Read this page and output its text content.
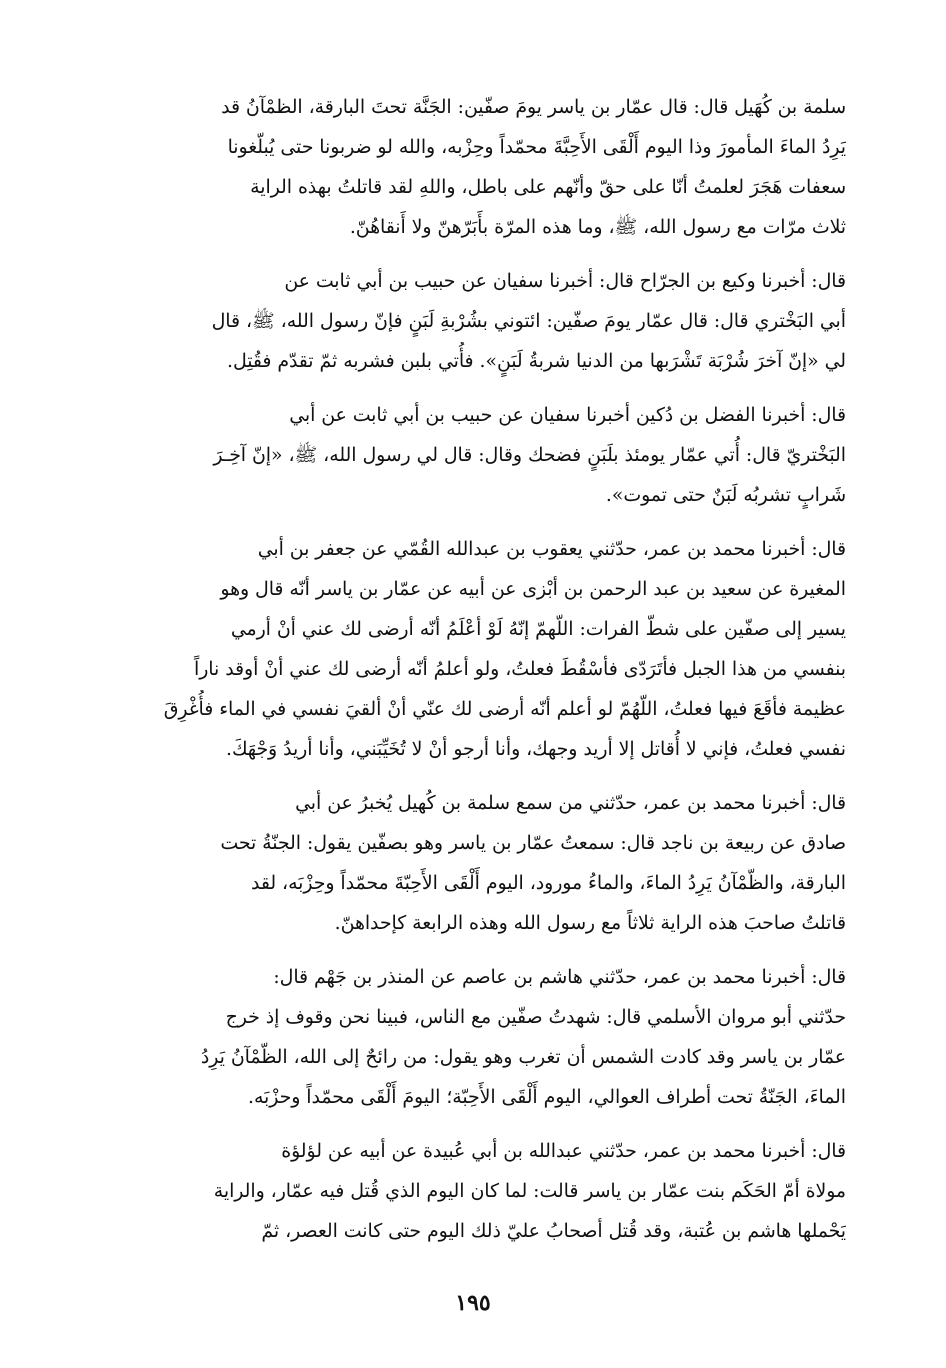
سلمة بن كُهَيل قال: قال عمّار بن ياسر يومَ صفّين: الجَنَّة تحتَ البارقة، الظمْآنُ قد
يَرِدُ الماءَ المأمورَ وذا اليوم أَلْقَى الأَحِبَّةَ محمّداً وحِزْبه، والله لو ضربونا حتى يُبلّغونا
سعفات هَجَرَ لعلمتُ أنّا على حقّ وأنّهم على باطل، واللهِ لقد قاتلتُ بهذه الراية
ثلاث مرّات مع رسول الله، ﷺ، وما هذه المرّة بأَبَرّهنّ ولا أَنقاهُنّ.
قال: أخبرنا وكيع بن الجرّاح قال: أخبرنا سفيان عن حبيب بن أبي ثابت عن
أبي البَخْتري قال: قال عمّار يومَ صفّين: ائتوني بشُرْبةِ لَبَنٍ فإنّ رسول الله، ﷺ، قال
لي «إنّ آخرَ شُرْبَة تَشْرَبها من الدنيا شربةُ لَبَنٍ». فأُتي بلبن فشربه ثمّ تقدّم فقُتِل.
قال: أخبرنا الفضل بن دُكين أخبرنا سفيان عن حبيب بن أبي ثابت عن أبي
البَخْتريّ قال: أُتي عمّار يومئذ بلَبَنٍ فضحك وقال: قال لي رسول الله، ﷺ، «إنّ آخِـرَ
شَرابٍ تشربُه لَبَنٌ حتى تموت».
قال: أخبرنا محمد بن عمر، حدّثني يعقوب بن عبدالله القُمّي عن جعفر بن أبي
المغيرة عن سعيد بن عبد الرحمن بن أبْزى عن أبيه عن عمّار بن ياسر أنّه قال وهو
يسير إلى صفّين على شطّ الفرات: اللّهمّ إنّهُ لَوْ أعْلَمُ أنّه أرضى لك عني أنْ أرمي
بنفسي من هذا الجبل فأتَرَدّى فأسْقُطَ فعلتُ، ولو أعلمُ أنّه أرضى لك عني أنْ أوقد ناراً
عظيمة فأقَعَ فيها فعلتُ، اللّهُمّ لو أعلم أنّه أرضى لك عنّي أنْ ألقيَ نفسي في الماء فأُغْرِقَ
نفسي فعلتُ، فإني لا أُقاتل إلا أريد وجهك، وأنا أرجو أنْ لا تُخَيِّبَني، وأنا أريدُ وَجْهَكَ.
قال: أخبرنا محمد بن عمر، حدّثني من سمع سلمة بن كُهيل يُخبرُ عن أبي
صادق عن ربيعة بن ناجد قال: سمعتُ عمّار بن ياسر وهو بصفّين يقول: الجنّةُ تحت
البارقة، والظّمْآنُ يَرِدُ الماءَ، والماءُ مورود، اليوم أَلْقَى الأَحِبّةَ محمّداً وحِزْبَه، لقد
قاتلتُ صاحبَ هذه الراية ثلاثاً مع رسول الله وهذه الرابعة كإحداهنّ.
قال: أخبرنا محمد بن عمر، حدّثني هاشم بن عاصم عن المنذر بن جَهْم قال:
حدّثني أبو مروان الأسلمي قال: شهدتُ صفّين مع الناس، فبينا نحن وقوف إذ خرج
عمّار بن ياسر وقد كادت الشمس أن تغرب وهو يقول: من رائحٌ إلى الله، الظّمْآنُ يَرِدُ
الماءَ، الجَنّةُ تحت أطراف العوالي، اليوم أَلْقَى الأَحِبّة؛ اليومَ أَلْقَى محمّداً وحزْبَه.
قال: أخبرنا محمد بن عمر، حدّثني عبدالله بن أبي عُبيدة عن أبيه عن لؤلؤة
مولاة أمّ الحَكَم بنت عمّار بن ياسر قالت: لما كان اليوم الذي قُتل فيه عمّار، والراية
يَحْملها هاشم بن عُتبة، وقد قُتل أصحابُ عليّ ذلك اليوم حتى كانت العصر، ثمّ
١٩٥
